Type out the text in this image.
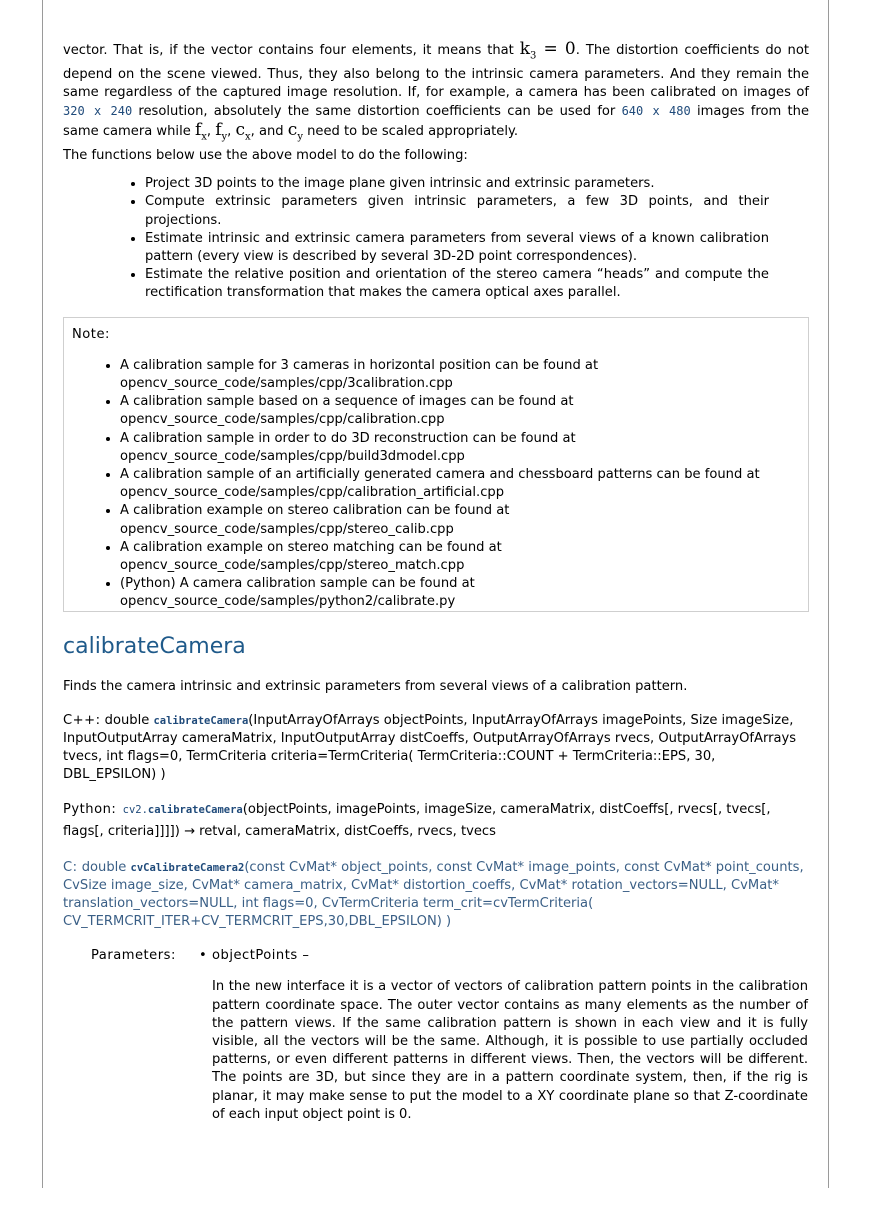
vector. That is, if the vector contains four elements, it means that $k_3 = 0$. The distortion coefficients do not depend on the scene viewed. Thus, they also belong to the intrinsic camera parameters. And they remain the same regardless of the captured image resolution. If, for example, a camera has been calibrated on images of 320 x 240 resolution, absolutely the same distortion coefficients can be used for 640 x 480 images from the same camera while $f_x$, $f_y$, $c_x$, and $c_y$ need to be scaled appropriately.

The functions below use the above model to do the following:

• Project 3D points to the image plane given intrinsic and extrinsic parameters.
• Compute extrinsic parameters given intrinsic parameters, a few 3D points, and their projections.
• Estimate intrinsic and extrinsic camera parameters from several views of a known calibration pattern (every view is described by several 3D-2D point correspondences).
• Estimate the relative position and orientation of the stereo camera “heads” and compute the rectification transformation that makes the camera optical axes parallel.
Note:
• A calibration sample for 3 cameras in horizontal position can be found at
opencv_source_code/samples/cpp/3calibration.cpp
• A calibration sample based on a sequence of images can be found at
opencv_source_code/samples/cpp/calibration.cpp
• A calibration sample in order to do 3D reconstruction can be found at
opencv_source_code/samples/cpp/build3dmodel.cpp
• A calibration sample of an artificially generated camera and chessboard patterns can be found at
opencv_source_code/samples/cpp/calibration_artificial.cpp
• A calibration example on stereo calibration can be found at
opencv_source_code/samples/cpp/stereo_calib.cpp
• A calibration example on stereo matching can be found at
opencv_source_code/samples/cpp/stereo_match.cpp
• (Python) A camera calibration sample can be found at
opencv_source_code/samples/python2/calibrate.py
calibrateCamera

Finds the camera intrinsic and extrinsic parameters from several views of a calibration pattern.

C++: double calibrateCamera(InputArrayOfArrays objectPoints, InputArrayOfArrays imagePoints, Size imageSize, InputOutputArray cameraMatrix, InputOutputArray distCoeffs, OutputArrayOfArrays rvecs, OutputArrayOfArrays tvecs, int flags=0, TermCriteria criteria=TermCriteria( TermCriteria::COUNT + TermCriteria::EPS, 30, DBL_EPSILON) )

Python: cv2.calibrateCamera(objectPoints, imagePoints, imageSize, cameraMatrix, distCoeffs[, rvecs[, tvecs[, flags[, criteria]]]]) → retval, cameraMatrix, distCoeffs, rvecs, tvecs

C: double cvCalibrateCamera2(const CvMat* object_points, const CvMat* image_points, const CvMat* point_counts, CvSize image_size, CvMat* camera_matrix, CvMat* distortion_coeffs, CvMat* rotation_vectors=NULL, CvMat* translation_vectors=NULL, int flags=0, CvTermCriteria term_crit=cvTermCriteria( CV_TERMCRIT_ITER+CV_TERMCRIT_EPS,30,DBL_EPSILON) )

Parameters: • objectPoints –

In the new interface it is a vector of vectors of calibration pattern points in the calibration pattern coordinate space. The outer vector contains as many elements as the number of the pattern views. If the same calibration pattern is shown in each view and it is fully visible, all the vectors will be the same. Although, it is possible to use partially occluded patterns, or even different patterns in different views. Then, the vectors will be different. The points are 3D, but since they are in a pattern coordinate system, then, if the rig is planar, it may make sense to put the model to a XY coordinate plane so that Z-coordinate of each input object point is 0.
